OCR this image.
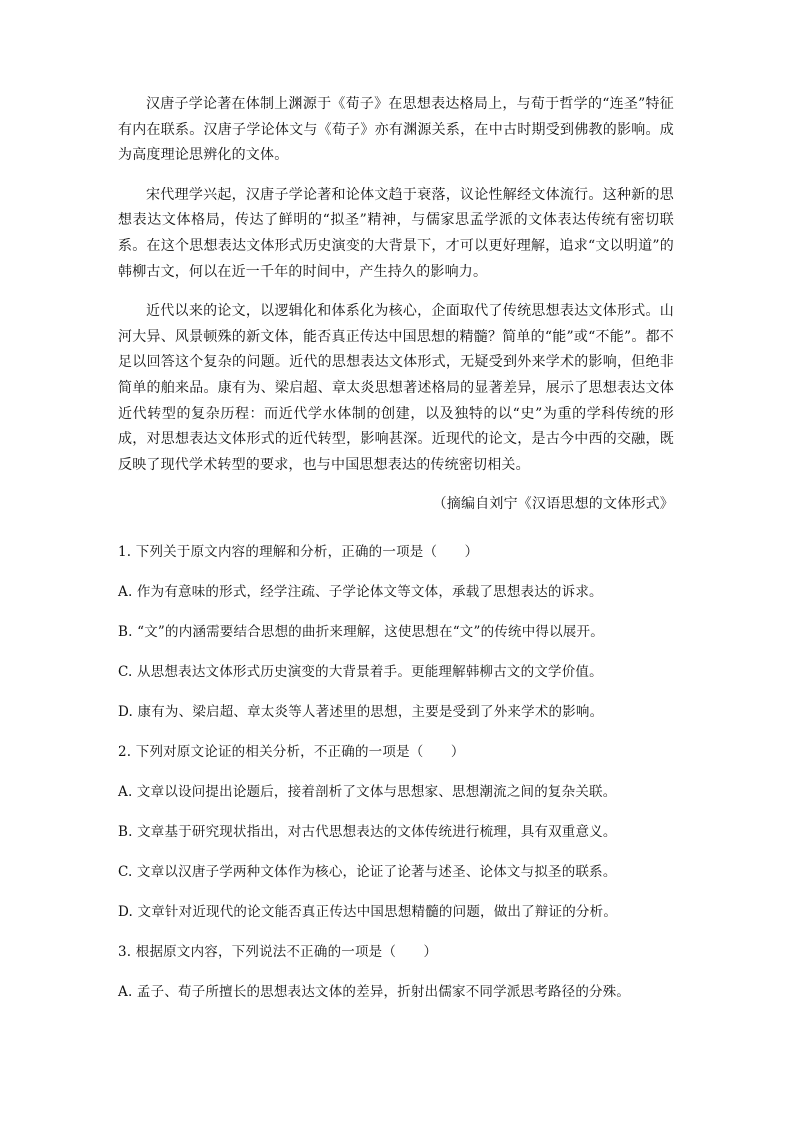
汉唐子学论著在体制上渊源于《荀子》在思想表达格局上，与荀于哲学的“连圣”特征有内在联系。汉唐子学论体文与《荀子》亦有渊源关系，在中古时期受到佛教的影响。成为高度理论思辨化的文体。

宋代理学兴起，汉唐子学论著和论体文趋于衰落，议论性解经文体流行。这种新的思想表达文体格局，传达了鲜明的“拟圣”精神，与儒家思孟学派的文体表达传统有密切联系。在这个思想表达文体形式历史演变的大背景下，才可以更好理解，追求“文以明道”的韩柳古文，何以在近一千年的时间中，产生持久的影响力。

近代以来的论文，以逻辑化和体系化为核心，企面取代了传统思想表达文体形式。山河大异、风景顿殊的新文体，能否真正传达中国思想的精髓？简单的“能”或“不能”。都不足以回答这个复杂的问题。近代的思想表达文体形式，无疑受到外来学术的影响，但绝非简单的舶来品。康有为、梁启超、章太炎思想著述格局的显著差异，展示了思想表达文体近代转型的复杂历程：而近代学水体制的创建，以及独特的以“史”为重的学科传统的形成，对思想表达文体形式的近代转型，影响甚深。近现代的论文，是古今中西的交融，既反映了现代学术转型的要求，也与中国思想表达的传统密切相关。

（摘编自刘宁《汉语思想的文体形式》

1. 下列关于原文内容的理解和分析，正确的一项是（　　）

A. 作为有意味的形式，经学注疏、子学论体文等文体，承载了思想表达的诉求。

B. “文”的内涵需要结合思想的曲折来理解，这使思想在“文”的传统中得以展开。

C. 从思想表达文体形式历史演变的大背景着手。更能理解韩柳古文的文学价值。

D. 康有为、梁启超、章太炎等人著述里的思想，主要是受到了外来学术的影响。

2. 下列对原文论证的相关分析，不正确的一项是（　　）

A. 文章以设问提出论题后，接着剖析了文体与思想家、思想潮流之间的复杂关联。

B. 文章基于研究现状指出，对古代思想表达的文体传统进行梳理，具有双重意义。

C. 文章以汉唐子学两种文体作为核心，论证了论著与述圣、论体文与拟圣的联系。

D. 文章针对近现代的论文能否真正传达中国思想精髓的问题，做出了辩证的分析。

3. 根据原文内容，下列说法不正确的一项是（　　）

A. 孟子、荀子所擅长的思想表达文体的差异，折射出儒家不同学派思考路径的分殊。
